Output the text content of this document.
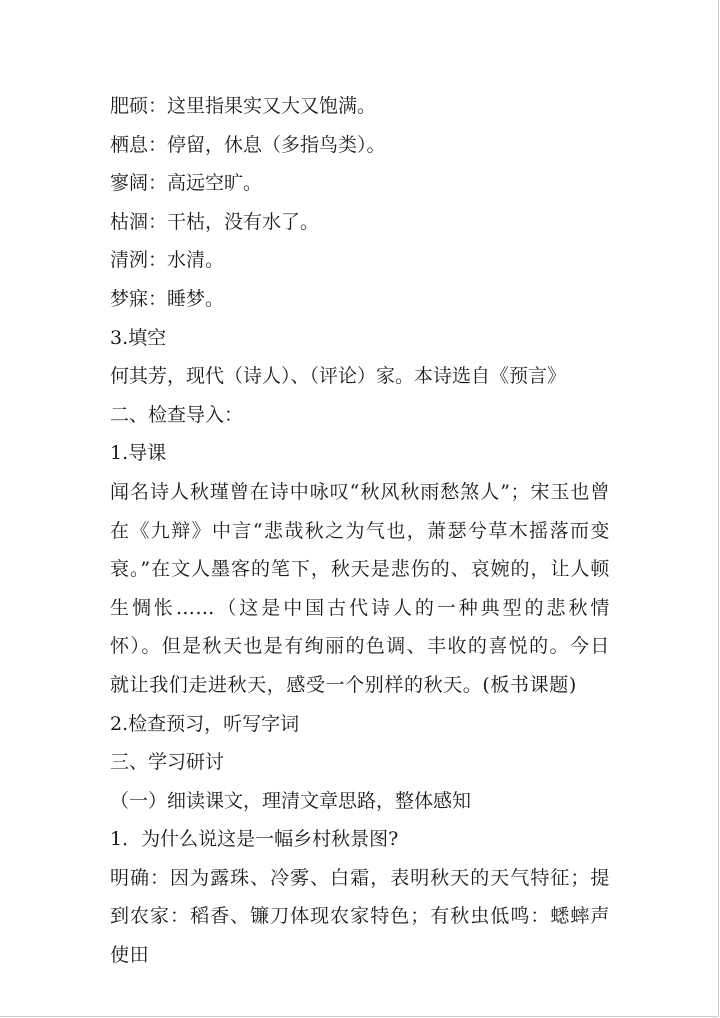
肥硕：这里指果实又大又饱满。
栖息：停留，休息（多指鸟类）。
寥阔：高远空旷。
枯涸：干枯，没有水了。
清洌：水清。
梦寐：睡梦。
3.填空
何其芳，现代（诗人）、（评论）家。本诗选自《预言》
二、检查导入：
1.导课

闻名诗人秋瑾曾在诗中咏叹“秋风秋雨愁煞人”；宋玉也曾在《九辩》中言“悲哉秋之为气也，萧瑟兮草木摇落而变衰。”在文人墨客的笔下，秋天是悲伤的、哀婉的，让人顿生惆怅……（这是中国古代诗人的一种典型的悲秋情怀）。但是秋天也是有绚丽的色调、丰收的喜悦的。今日就让我们走进秋天，感受一个别样的秋天。(板书课题)

2.检查预习，听写字词
三、学习研讨
（一）细读课文，理清文章思路，整体感知
1．为什么说这是一幅乡村秋景图?

明确：因为露珠、冷雾、白霜，表明秋天的天气特征；提到农家：稻香、镰刀体现农家特色；有秋虫低鸣：蟋蟀声使田
